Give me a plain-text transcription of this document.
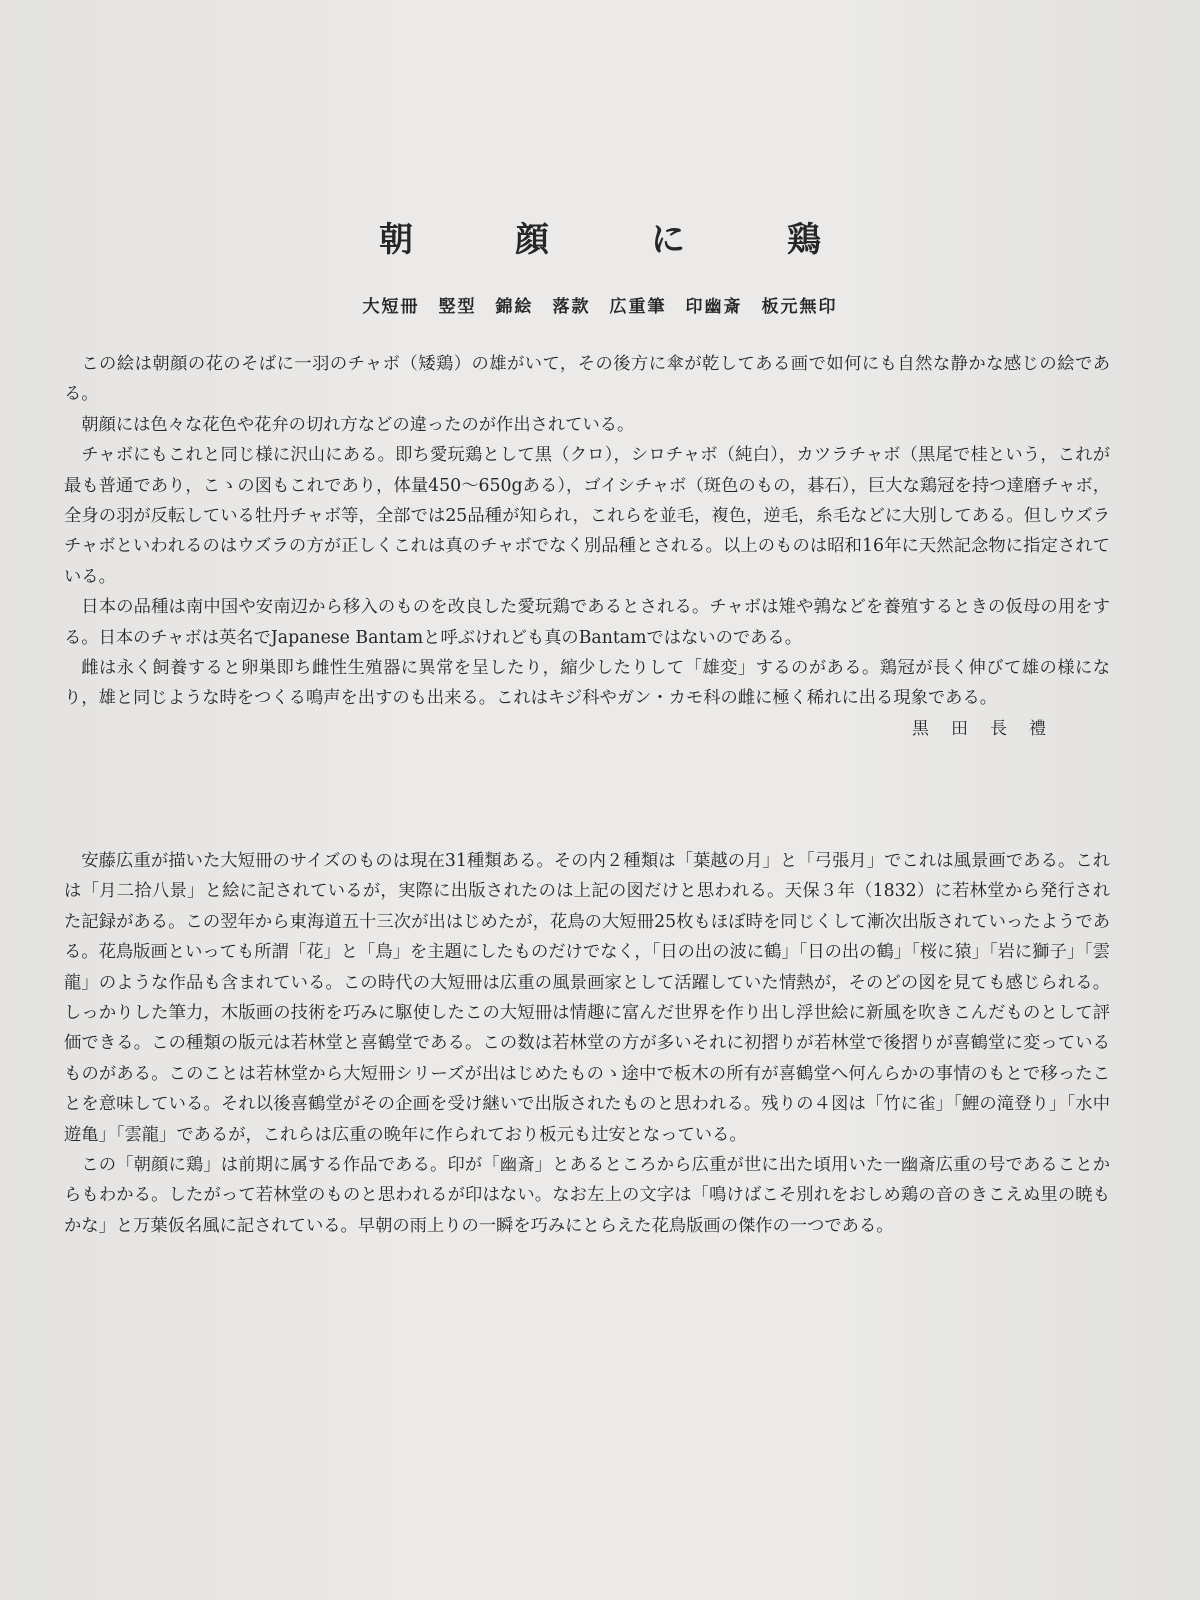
朝　顔　に　鶏
大短冊　竪型　錦絵　落款　広重筆　印幽斎　板元無印

この絵は朝顔の花のそばに一羽のチャボ（矮鶏）の雄がいて，その後方に傘が乾してある画で如何にも自然な静かな感じの絵である。

朝顔には色々な花色や花弁の切れ方などの違ったのが作出されている。

チャボにもこれと同じ様に沢山にある。即ち愛玩鶏として黒（クロ），シロチャボ（純白），カツラチャボ（黒尾で桂という，これが最も普通であり，こゝの図もこれであり，体量450〜650gある），ゴイシチャボ（斑色のもの，碁石），巨大な鶏冠を持つ達磨チャボ，全身の羽が反転している牡丹チャボ等，全部では25品種が知られ，これらを並毛，複色，逆毛，糸毛などに大別してある。但しウズラチャボといわれるのはウズラの方が正しくこれは真のチャボでなく別品種とされる。以上のものは昭和16年に天然記念物に指定されている。

日本の品種は南中国や安南辺から移入のものを改良した愛玩鶏であるとされる。チャボは雉や鶉などを養殖するときの仮母の用をする。日本のチャボは英名でJapanese Bantamと呼ぶけれども真のBantamではないのである。

雌は永く飼養すると卵巣即ち雌性生殖器に異常を呈したり，縮少したりして「雄変」するのがある。鶏冠が長く伸びて雄の様になり，雄と同じような時をつくる鳴声を出すのも出来る。これはキジ科やガン・カモ科の雌に極く稀れに出る現象である。

黒田長禮

安藤広重が描いた大短冊のサイズのものは現在31種類ある。その内２種類は「葉越の月」と「弓張月」でこれは風景画である。これは「月二拾八景」と絵に記されているが，実際に出版されたのは上記の図だけと思われる。天保３年（1832）に若林堂から発行された記録がある。この翌年から東海道五十三次が出はじめたが，花鳥の大短冊25枚もほぼ時を同じくして漸次出版されていったようである。花鳥版画といっても所謂「花」と「鳥」を主題にしたものだけでなく，「日の出の波に鶴」「日の出の鶴」「桜に猿」「岩に獅子」「雲龍」のような作品も含まれている。この時代の大短冊は広重の風景画家として活躍していた情熱が，そのどの図を見ても感じられる。しっかりした筆力，木版画の技術を巧みに駆使したこの大短冊は情趣に富んだ世界を作り出し浮世絵に新風を吹きこんだものとして評価できる。この種類の版元は若林堂と喜鶴堂である。この数は若林堂の方が多いそれに初摺りが若林堂で後摺りが喜鶴堂に変っているものがある。このことは若林堂から大短冊シリーズが出はじめたものゝ途中で板木の所有が喜鶴堂へ何んらかの事情のもとで移ったことを意味している。それ以後喜鶴堂がその企画を受け継いで出版されたものと思われる。残りの４図は「竹に雀」「鯉の滝登り」「水中遊亀」「雲龍」であるが，これらは広重の晩年に作られており板元も辻安となっている。

この「朝顔に鶏」は前期に属する作品である。印が「幽斎」とあるところから広重が世に出た頃用いた一幽斎広重の号であることからもわかる。したがって若林堂のものと思われるが印はない。なお左上の文字は「鳴けばこそ別れをおしめ鶏の音のきこえぬ里の暁もかな」と万葉仮名風に記されている。早朝の雨上りの一瞬を巧みにとらえた花鳥版画の傑作の一つである。
